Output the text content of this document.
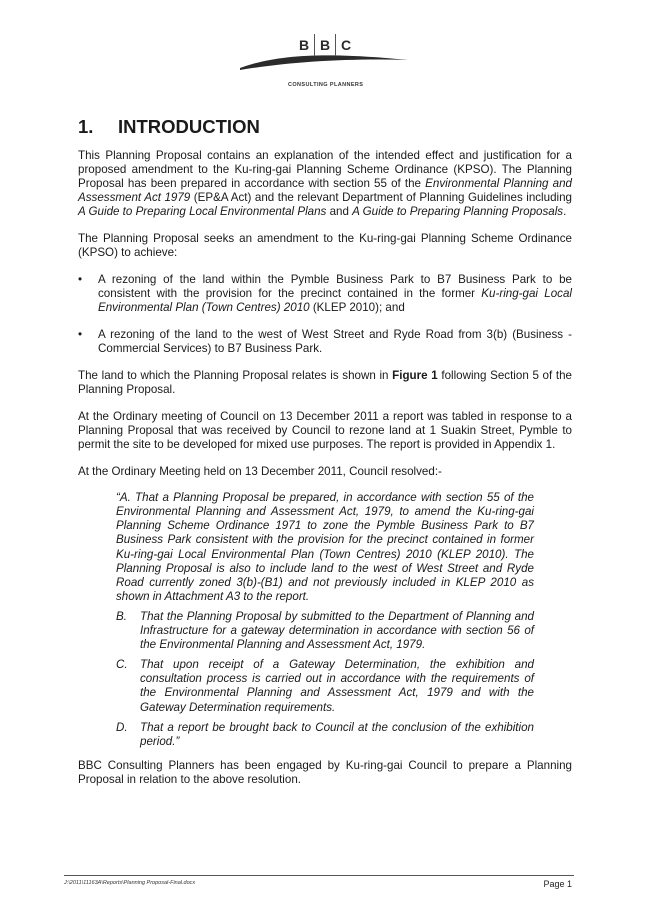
B B C
CONSULTING PLANNERS
1. INTRODUCTION

This Planning Proposal contains an explanation of the intended effect and justification for a proposed amendment to the Ku-ring-gai Planning Scheme Ordinance (KPSO). The Planning Proposal has been prepared in accordance with section 55 of the Environmental Planning and Assessment Act 1979 (EP&A Act) and the relevant Department of Planning Guidelines including A Guide to Preparing Local Environmental Plans and A Guide to Preparing Planning Proposals.

The Planning Proposal seeks an amendment to the Ku-ring-gai Planning Scheme Ordinance (KPSO) to achieve:

• A rezoning of the land within the Pymble Business Park to B7 Business Park to be consistent with the provision for the precinct contained in the former Ku-ring-gai Local Environmental Plan (Town Centres) 2010 (KLEP 2010); and
• A rezoning of the land to the west of West Street and Ryde Road from 3(b) (Business - Commercial Services) to B7 Business Park.

The land to which the Planning Proposal relates is shown in Figure 1 following Section 5 of the Planning Proposal.

At the Ordinary meeting of Council on 13 December 2011 a report was tabled in response to a Planning Proposal that was received by Council to rezone land at 1 Suakin Street, Pymble to permit the site to be developed for mixed use purposes. The report is provided in Appendix 1.

At the Ordinary Meeting held on 13 December 2011, Council resolved:-

“A. That a Planning Proposal be prepared, in accordance with section 55 of the Environmental Planning and Assessment Act, 1979, to amend the Ku-ring-gai Planning Scheme Ordinance 1971 to zone the Pymble Business Park to B7 Business Park consistent with the provision for the precinct contained in former Ku-ring-gai Local Environmental Plan (Town Centres) 2010 (KLEP 2010). The Planning Proposal is also to include land to the west of West Street and Ryde Road currently zoned 3(b)-(B1) and not previously included in KLEP 2010 as shown in Attachment A3 to the report.
B. That the Planning Proposal by submitted to the Department of Planning and Infrastructure for a gateway determination in accordance with section 56 of the Environmental Planning and Assessment Act, 1979.
C. That upon receipt of a Gateway Determination, the exhibition and consultation process is carried out in accordance with the requirements of the Environmental Planning and Assessment Act, 1979 and with the Gateway Determination requirements.
D. That a report be brought back to Council at the conclusion of the exhibition period.”

BBC Consulting Planners has been engaged by Ku-ring-gai Council to prepare a Planning Proposal in relation to the above resolution.

J:\2011\11163A\Reports\Planning Proposal-Final.docx	Page 1
